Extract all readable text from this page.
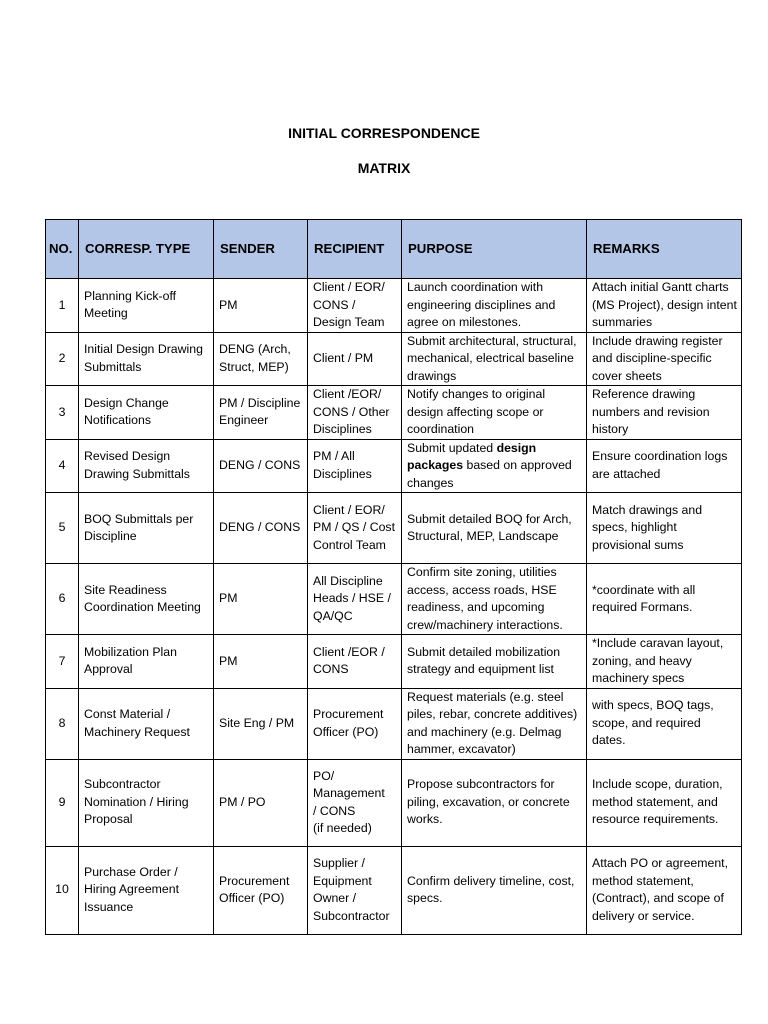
INITIAL CORRESPONDENCE
MATRIX
NO.	CORRESP. TYPE	SENDER	RECIPIENT	PURPOSE	REMARKS
1	Planning Kick-off Meeting	PM	Client / EOR/ CONS / Design Team	Launch coordination with engineering disciplines and agree on milestones.	Attach initial Gantt charts (MS Project), design intent summaries
2	Initial Design Drawing Submittals	DENG (Arch, Struct, MEP)	Client / PM	Submit architectural, structural, mechanical, electrical baseline drawings	Include drawing register and discipline-specific cover sheets
3	Design Change Notifications	PM / Discipline Engineer	Client /EOR/ CONS / Other Disciplines	Notify changes to original design affecting scope or coordination	Reference drawing numbers and revision history
4	Revised Design Drawing Submittals	DENG / CONS	PM / All Disciplines	Submit updated design packages based on approved changes	Ensure coordination logs are attached
5	BOQ Submittals per Discipline	DENG / CONS	Client / EOR/ PM / QS / Cost Control Team	Submit detailed BOQ for Arch, Structural, MEP, Landscape	Match drawings and specs, highlight provisional sums
6	Site Readiness Coordination Meeting	PM	All Discipline Heads / HSE / QA/QC	Confirm site zoning, utilities access, access roads, HSE readiness, and upcoming crew/machinery interactions.	*coordinate with all required Formans.
7	Mobilization Plan Approval	PM	Client /EOR / CONS	Submit detailed mobilization strategy and equipment list	*Include caravan layout, zoning, and heavy machinery specs
8	Const Material / Machinery Request	Site Eng / PM	Procurement Officer (PO)	Request materials (e.g. steel piles, rebar, concrete additives) and machinery (e.g. Delmag hammer, excavator)	with specs, BOQ tags, scope, and required dates.
9	Subcontractor Nomination / Hiring Proposal	PM / PO	PO/
Management
/ CONS
(if needed)	Propose subcontractors for piling, excavation, or concrete works.	Include scope, duration, method statement, and resource requirements.
10	Purchase Order / Hiring Agreement Issuance	Procurement Officer (PO)	Supplier / Equipment Owner / Subcontractor	Confirm delivery timeline, cost, specs.	Attach PO or agreement, method statement, (Contract), and scope of delivery or service.
